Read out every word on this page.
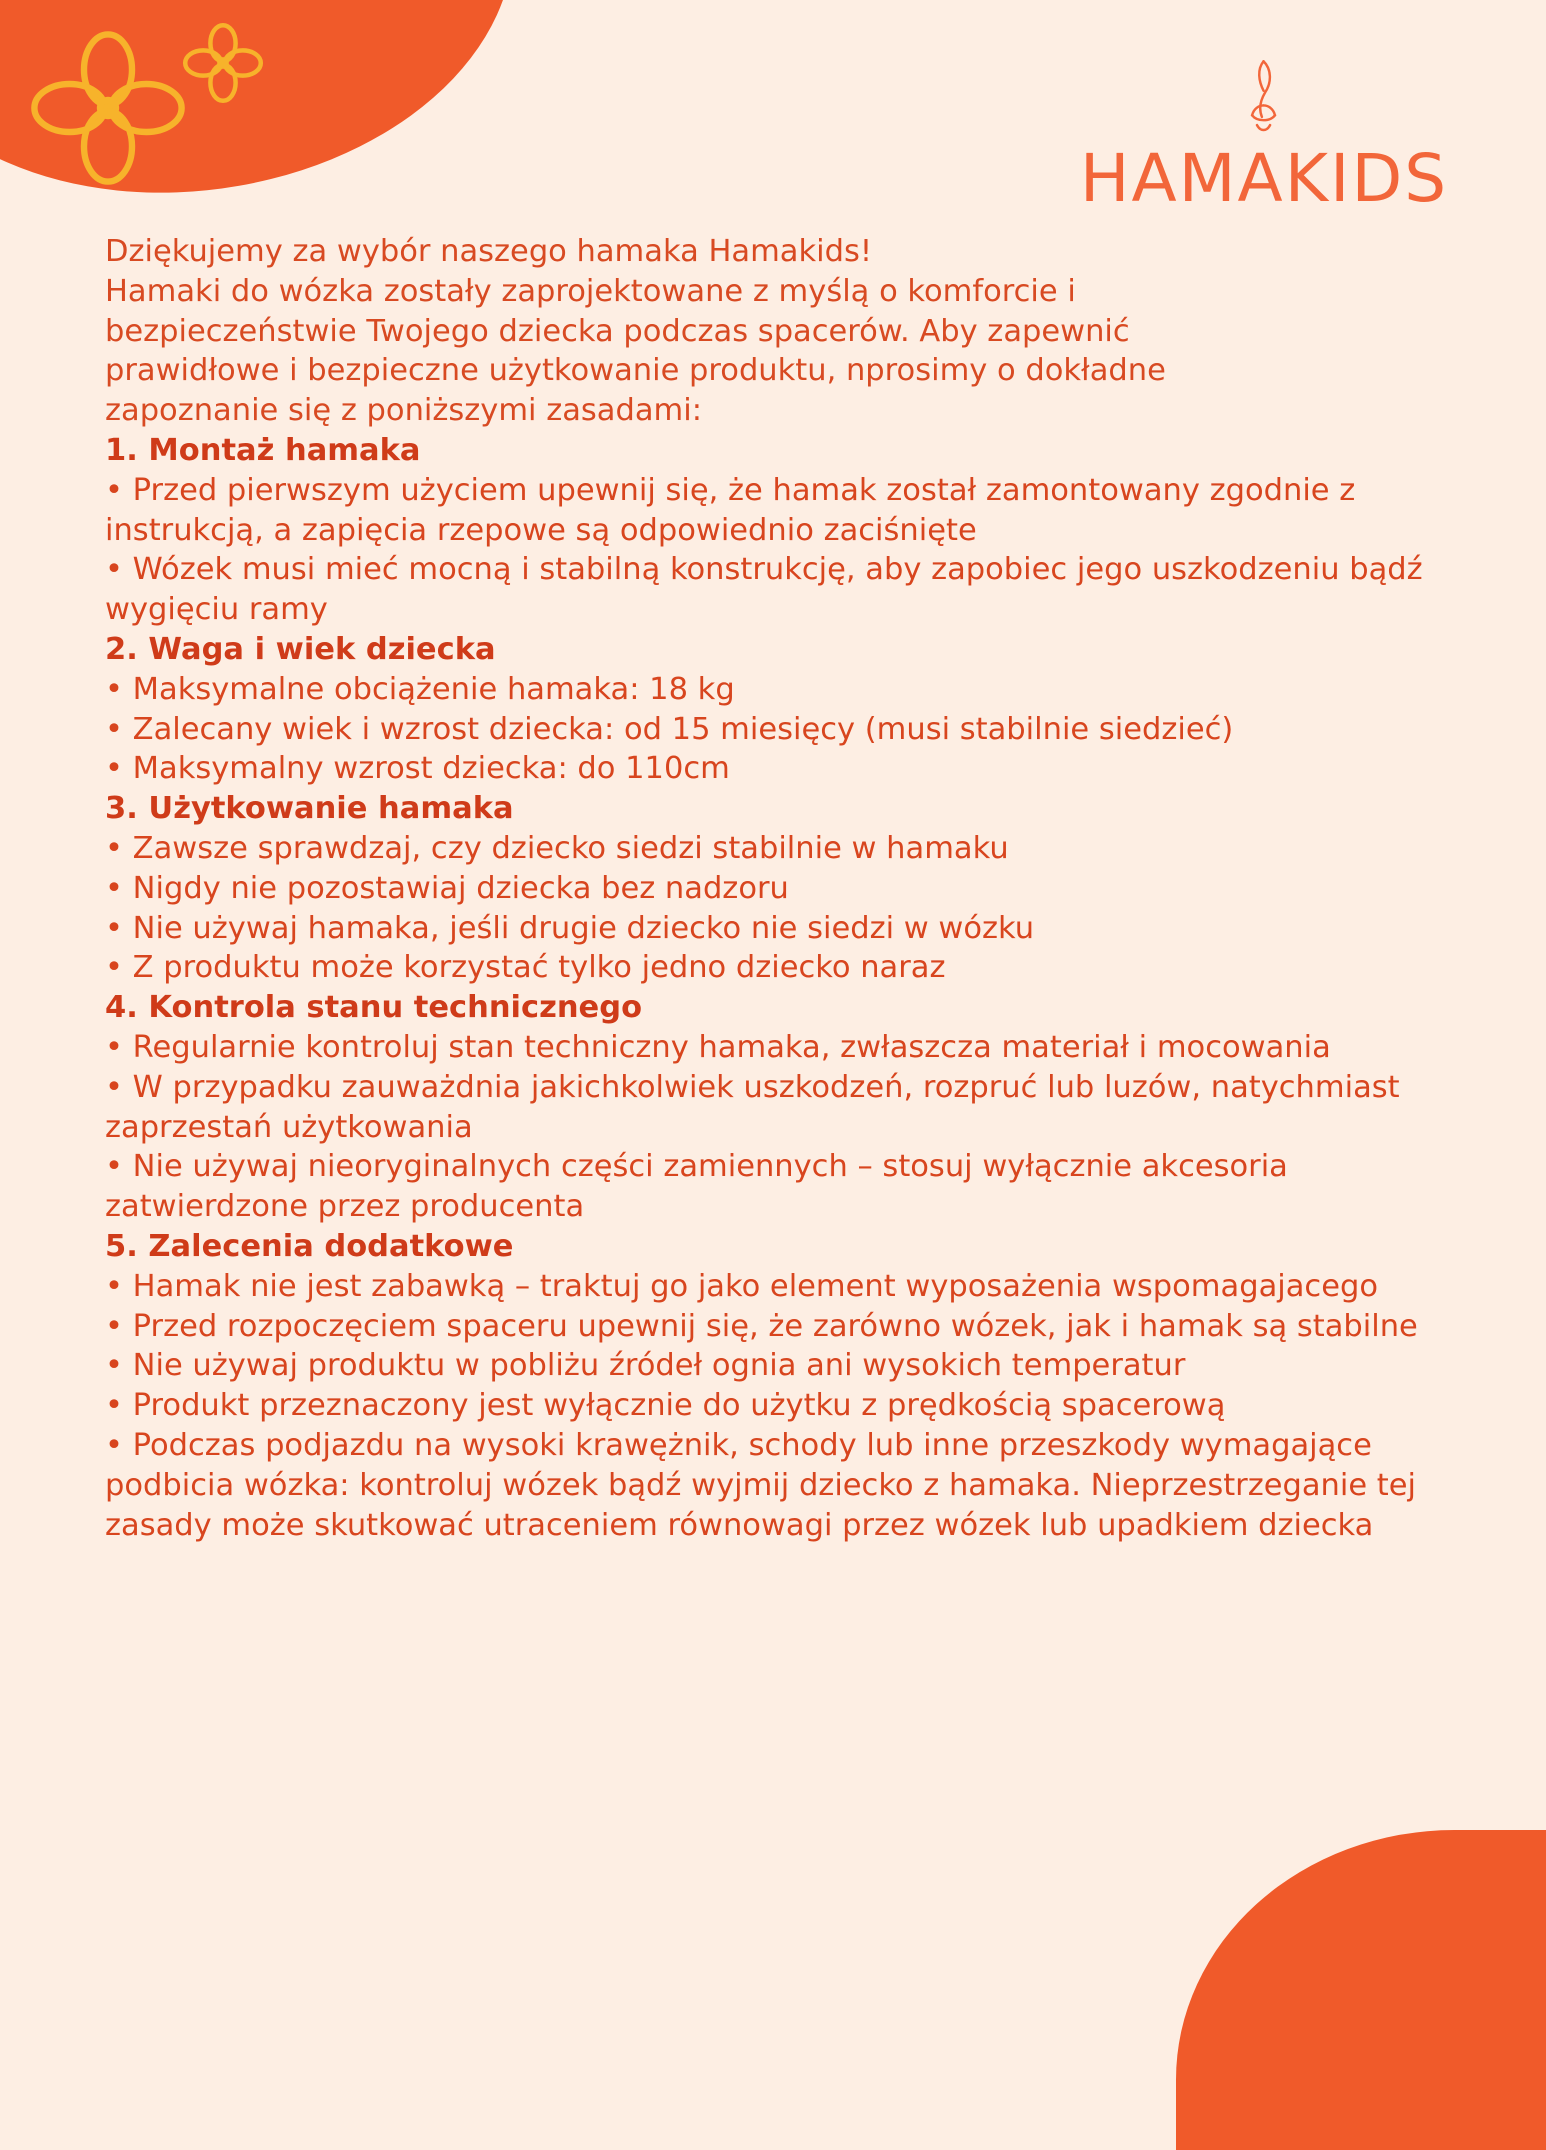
HAMAKIDS

Dziękujemy za wybór naszego hamaka Hamakids!

Hamaki do wózka zostały zaprojektowane z myślą o komforcie i

bezpieczeństwie Twojego dziecka podczas spacerów. Aby zapewnić

prawidłowe i bezpieczne użytkowanie produktu, nprosimy o dokładne

zapoznanie się z poniższymi zasadami:

1. Montaż hamaka

• Przed pierwszym użyciem upewnij się, że hamak został zamontowany zgodnie z instrukcją, a zapięcia rzepowe są odpowiednio zaciśnięte

• Wózek musi mieć mocną i stabilną konstrukcję, aby zapobiec jego uszkodzeniu bądź wygięciu ramy

2. Waga i wiek dziecka

• Maksymalne obciążenie hamaka: 18 kg

• Zalecany wiek i wzrost dziecka: od 15 miesięcy (musi stabilnie siedzieć)

• Maksymalny wzrost dziecka: do 110cm

3. Użytkowanie hamaka

• Zawsze sprawdzaj, czy dziecko siedzi stabilnie w hamaku

• Nigdy nie pozostawiaj dziecka bez nadzoru

• Nie używaj hamaka, jeśli drugie dziecko nie siedzi w wózku

• Z produktu może korzystać tylko jedno dziecko naraz

4. Kontrola stanu technicznego

• Regularnie kontroluj stan techniczny hamaka, zwłaszcza materiał i mocowania

• W przypadku zauważdnia jakichkolwiek uszkodzeń, rozpruć lub luzów, natychmiast zaprzestań użytkowania

• Nie używaj nieoryginalnych części zamiennych – stosuj wyłącznie akcesoria zatwierdzone przez producenta

5. Zalecenia dodatkowe

• Hamak nie jest zabawką – traktuj go jako element wyposażenia wspomagajacego

• Przed rozpoczęciem spaceru upewnij się, że zarówno wózek, jak i hamak są stabilne

• Nie używaj produktu w pobliżu źródeł ognia ani wysokich temperatur

• Produkt przeznaczony jest wyłącznie do użytku z prędkością spacerową

• Podczas podjazdu na wysoki krawężnik, schody lub inne przeszkody wymagające podbicia wózka: kontroluj wózek bądź wyjmij dziecko z hamaka. Nieprzestrzeganie tej zasady może skutkować utraceniem równowagi przez wózek lub upadkiem dziecka
